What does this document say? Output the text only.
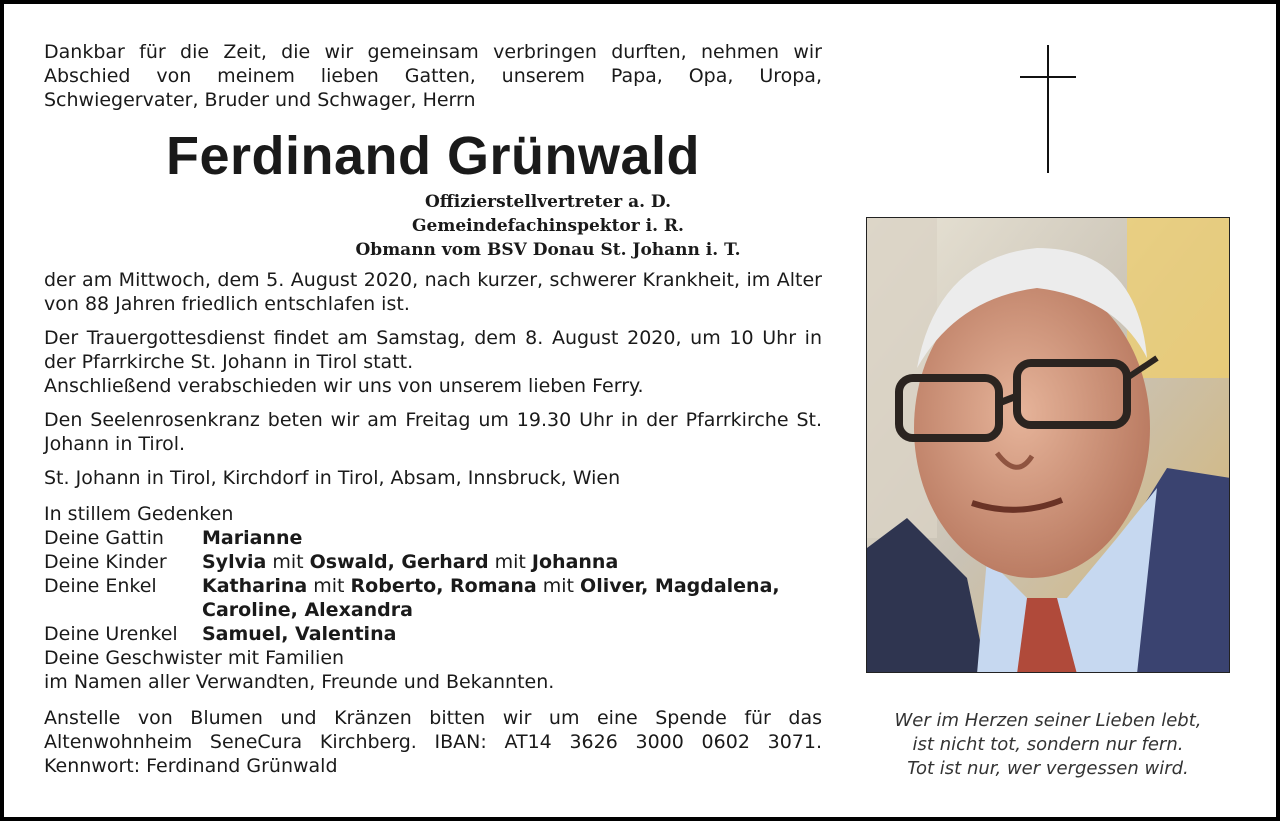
Dankbar für die Zeit, die wir gemeinsam verbringen durften, nehmen wir Abschied von meinem lieben Gatten, unserem Papa, Opa, Uropa, Schwiegervater, Bruder und Schwager, Herrn

Ferdinand Grünwald
Offizierstellvertreter a. D.
Gemeindefachinspektor i. R.
Obmann vom BSV Donau St. Johann i. T.

der am Mittwoch, dem 5. August 2020, nach kurzer, schwerer Krankheit, im Alter von 88 Jahren friedlich entschlafen ist.

Der Trauergottesdienst findet am Samstag, dem 8. August 2020, um 10 Uhr in der Pfarrkirche St. Johann in Tirol statt.

Anschließend verabschieden wir uns von unserem lieben Ferry.

Den Seelenrosenkranz beten wir am Freitag um 19.30 Uhr in der Pfarrkirche St. Johann in Tirol.

St. Johann in Tirol, Kirchdorf in Tirol, Absam, Innsbruck, Wien

In stillem Gedenken
Deine Gattin	Marianne
Deine Kinder	Sylvia mit Oswald, Gerhard mit Johanna
Deine Enkel	Katharina mit Roberto, Romana mit Oliver, Magdalena, Caroline, Alexandra
Deine Urenkel	Samuel, Valentina
Deine Geschwister mit Familien
im Namen aller Verwandten, Freunde und Bekannten.

Anstelle von Blumen und Kränzen bitten wir um eine Spende für das Altenwohnheim SeneCura Kirchberg. IBAN: AT14 3626 3000 0602 3071. Kennwort: Ferdinand Grünwald

Wer im Herzen seiner Lieben lebt,
ist nicht tot, sondern nur fern.
Tot ist nur, wer vergessen wird.
